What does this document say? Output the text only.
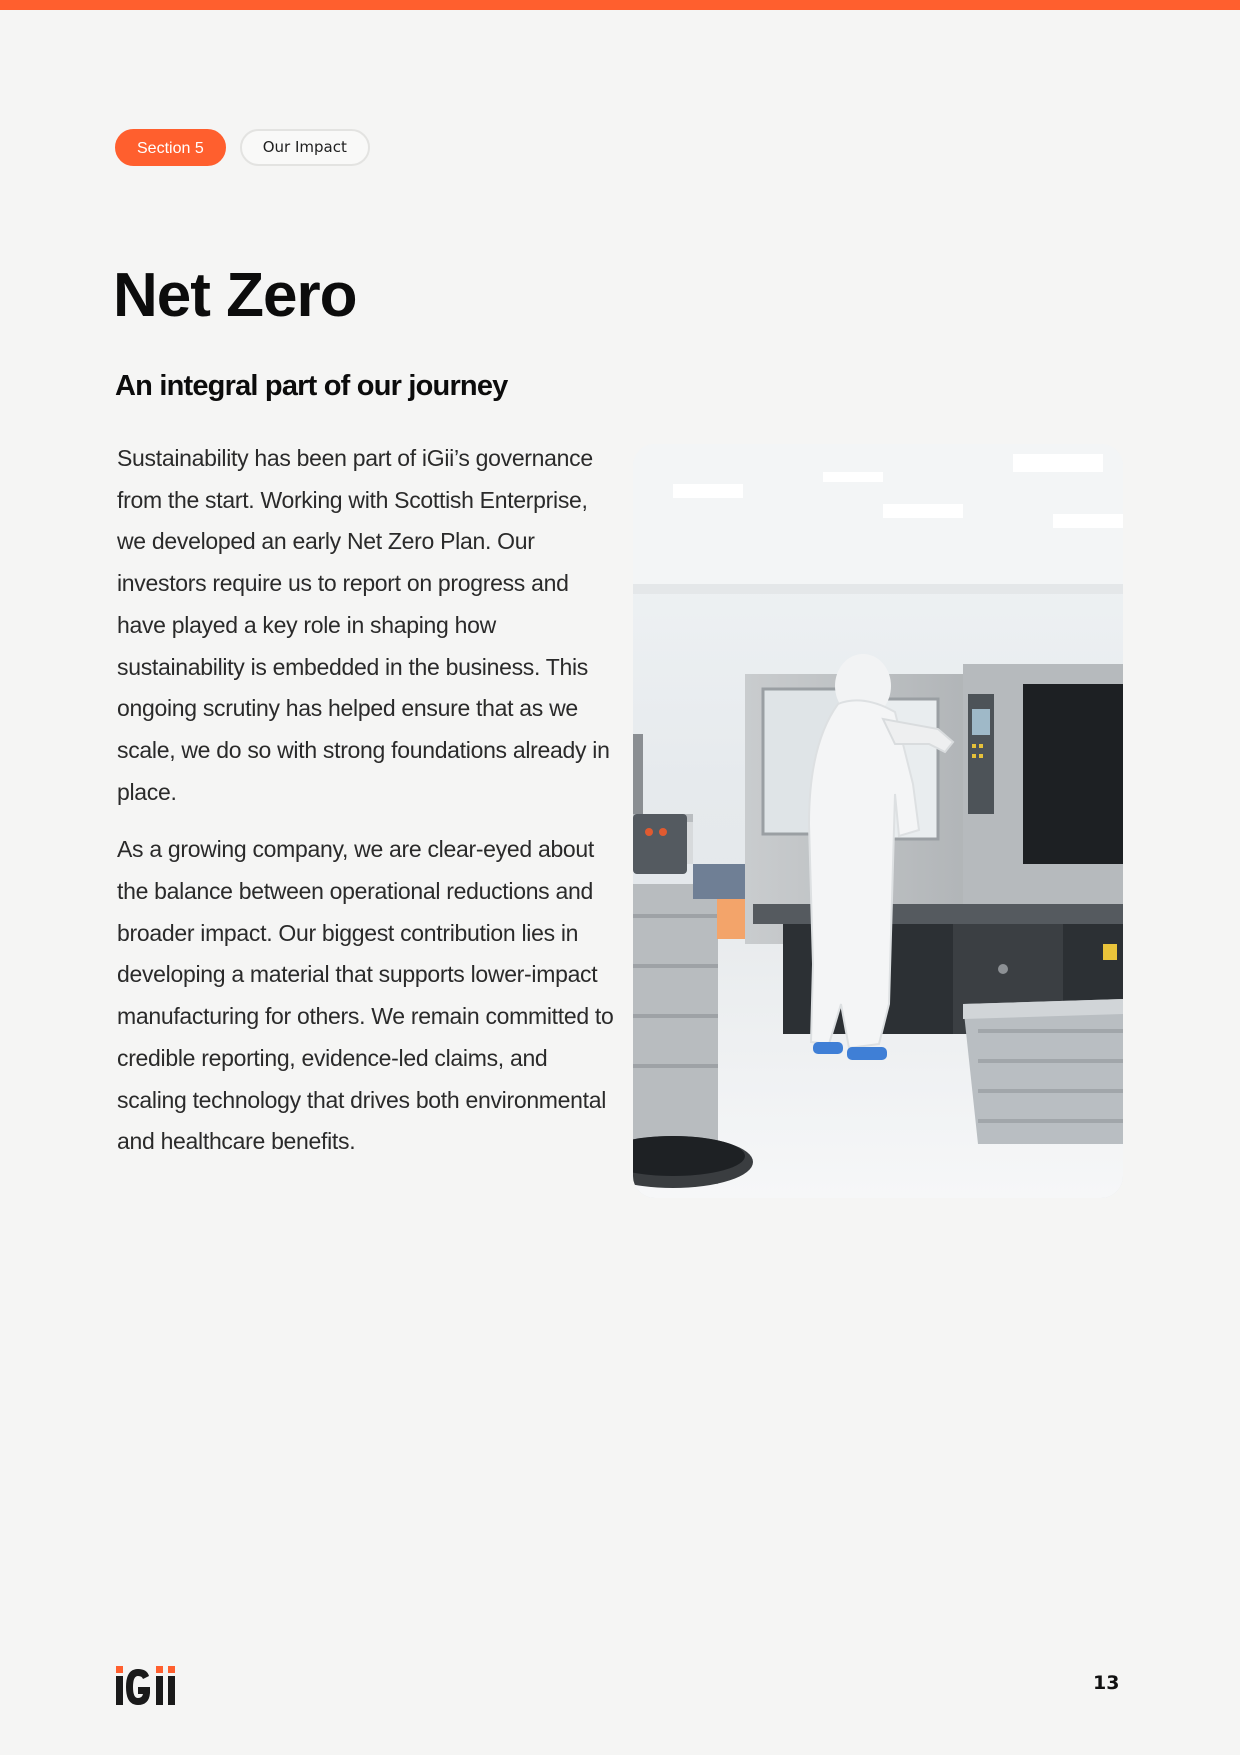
Section 5	Our Impact
Net Zero
An integral part of our journey

Sustainability has been part of iGii’s governance from the start. Working with Scottish Enterprise, we developed an early Net Zero Plan. Our investors require us to report on progress and have played a key role in shaping how sustainability is embedded in the business. This ongoing scrutiny has helped ensure that as we scale, we do so with strong foundations already in place.

As a growing company, we are clear-eyed about the balance between operational reductions and broader impact. Our biggest contribution lies in developing a material that supports lower-impact manufacturing for others. We remain committed to credible reporting, evidence-led claims, and scaling technology that drives both environmental and healthcare benefits.

13
